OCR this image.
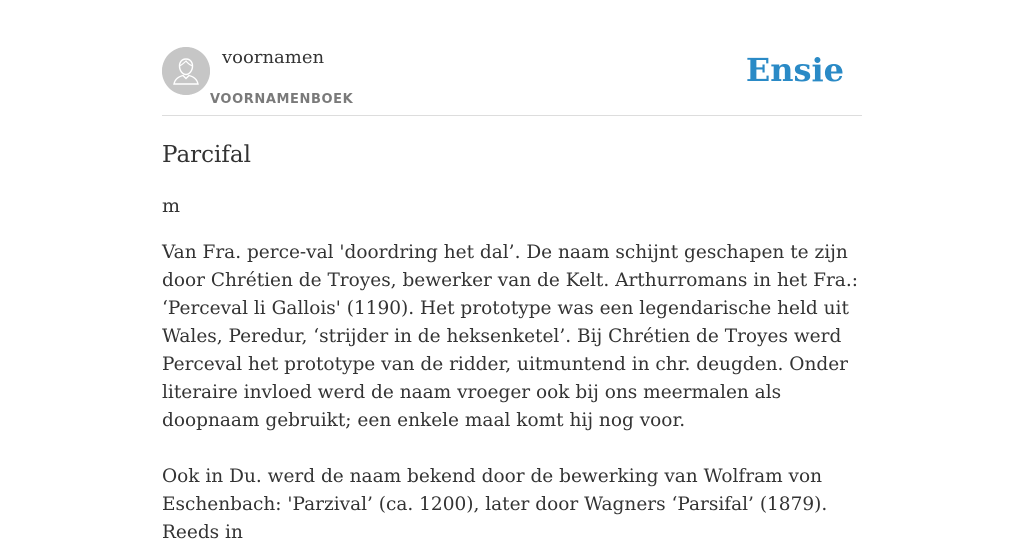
voornamen
VOORNAMENBOEK
Ensie
Parcifal
m
Van Fra. perce-val 'doordring het dal’. De naam schijnt geschapen te zijn door Chrétien de Troyes, bewerker van de Kelt. Arthurromans in het Fra.: ‘Perceval li Gallois' (1190). Het prototype was een legendarische held uit Wales, Peredur, ‘strijder in de heksenketel’. Bij Chrétien de Troyes werd Perceval het prototype van de ridder, uitmuntend in chr. deugden. Onder literaire invloed werd de naam vroeger ook bij ons meermalen als doopnaam gebruikt; een enkele maal komt hij nog voor.
Ook in Du. werd de naam bekend door de bewerking van Wolfram von Eschenbach: 'Parzival’ (ca. 1200), later door Wagners ‘Parsifal’ (1879). Reeds in
